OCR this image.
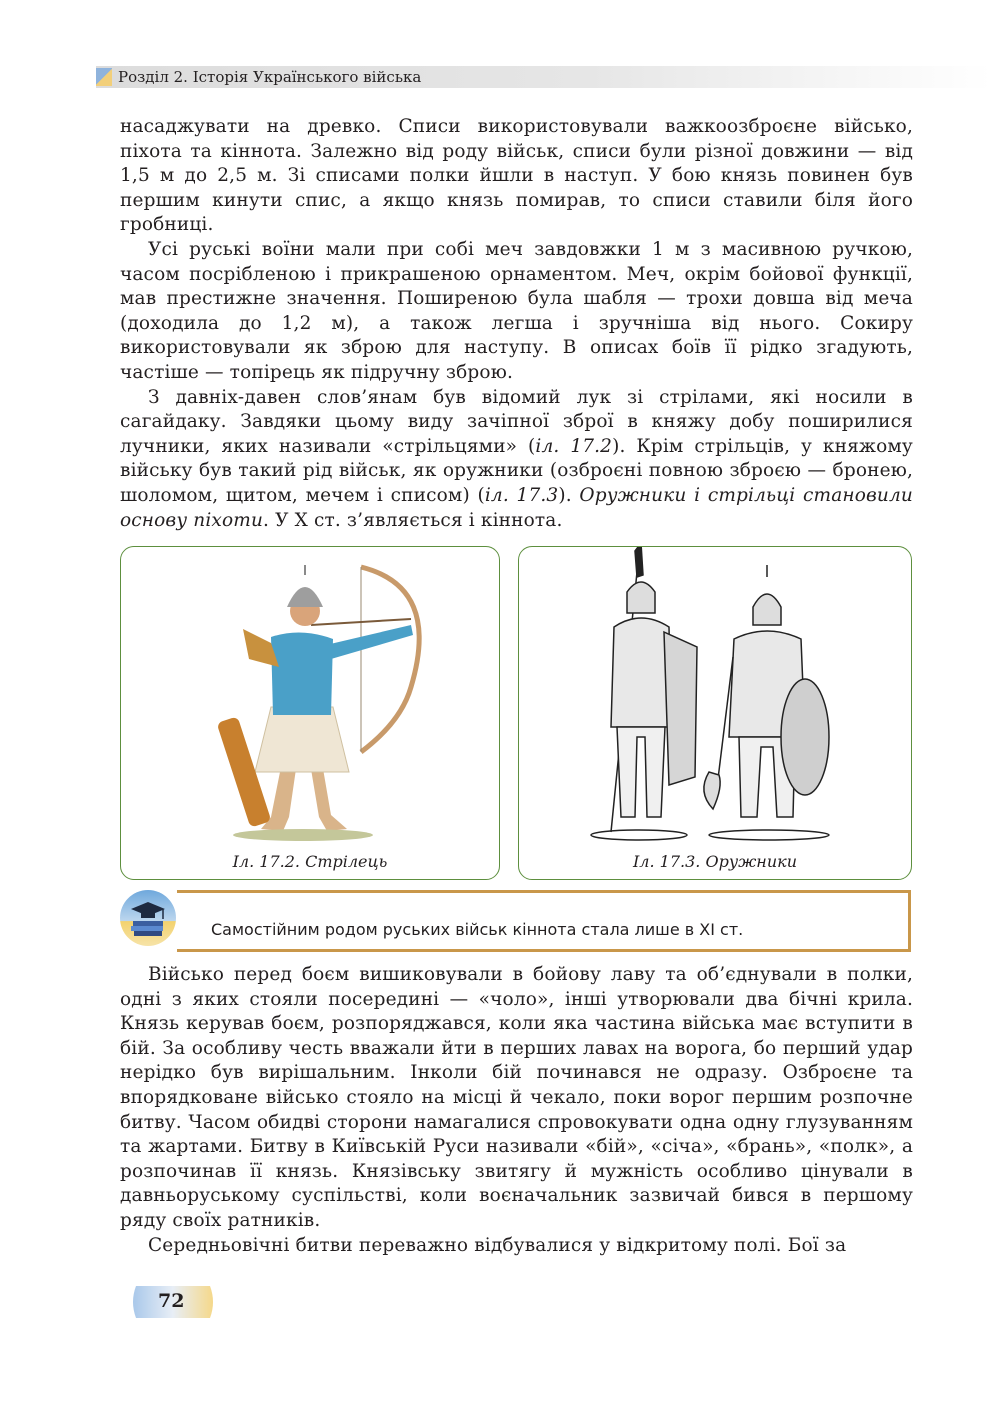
Розділ 2. Історія Українського війська

насаджувати на древко. Списи використовували важкоозброєне військо, піхота та кіннота. Залежно від роду військ, списи були різної довжини — від 1,5 м до 2,5 м. Зі списами полки йшли в наступ. У бою князь повинен був першим кинути спис, а якщо князь помирав, то списи ставили біля його гробниці.

Усі руські воїни мали при собі меч завдовжки 1 м з масивною ручкою, часом посрібленою і прикрашеною орнаментом. Меч, окрім бойової функції, мав престижне значення. Поширеною була шабля — трохи довша від меча (доходила до 1,2 м), а також легша і зручніша від нього. Сокиру використовували як зброю для наступу. В описах боїв її рідко згадують, частіше — топірець як підручну зброю.

З давніх-давен слов’янам був відомий лук зі стрілами, які носили в сагайдаку. Завдяки цьому виду зачіпної зброї в княжу добу поширилися лучники, яких називали «стрільцями» (іл. 17.2). Крім стрільців, у княжому війську був такий рід військ, як оружники (озброєні повною зброєю — бронею, шоломом, щитом, мечем і списом) (іл. 17.3). Оружники і стрільці становили основу піхоти. У X ст. з’являється і кіннота.

Іл. 17.2. Стрілець	Іл. 17.3. Оружники
Самостійним родом руських військ кіннота стала лише в XI ст.

Військо перед боєм вишиковували в бойову лаву та об’єднували в полки, одні з яких стояли посередині — «чоло», інші утворювали два бічні крила. Князь керував боєм, розпоряджався, коли яка частина війська має вступити в бій. За особливу честь вважали йти в перших лавах на ворога, бо перший удар нерідко був вирішальним. Інколи бій починався не одразу. Озброєне та впорядковане військо стояло на місці й чекало, поки ворог першим розпочне битву. Часом обидві сторони намагалися спровокувати одна одну глузуванням та жартами. Битву в Київській Руси називали «бій», «січа», «брань», «полк», а розпочинав її князь. Князівську звитягу й мужність особливо цінували в давньоруському суспільстві, коли воєначальник зазвичай бився в першому ряду своїх ратників.

Середньовічні битви переважно відбувалися у відкритому полі. Бої за

72
